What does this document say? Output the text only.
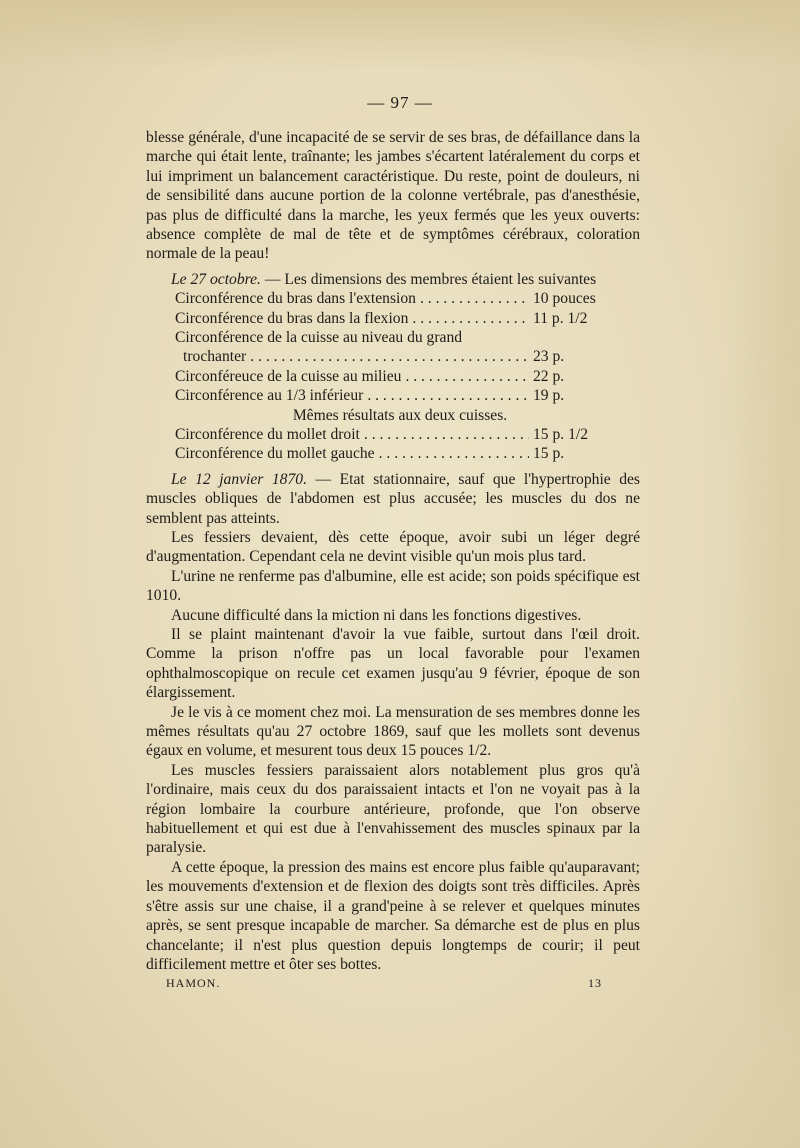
— 97 —

blesse générale, d'une incapacité de se servir de ses bras, de défaillance dans la marche qui était lente, traînante; les jambes s'écartent latéralement du corps et lui impriment un balancement caractéristique. Du reste, point de douleurs, ni de sensibilité dans aucune portion de la colonne vertébrale, pas d'anesthésie, pas plus de difficulté dans la marche, les yeux fermés que les yeux ouverts: absence complète de mal de tête et de symptômes cérébraux, coloration normale de la peau!

Le 27 octobre. — Les dimensions des membres étaient les suivantes

Circonférence du bras dans l'extension . . .	10 pouces
Circonférence du bras dans la flexion . . .	11 p. 1/2
Circonférence de la cuisse au niveau du grand
trochanter . . .	23 p.
Circonféreuce de la cuisse au milieu . . .	22 p.
Circonférence au 1/3 inférieur . . .	19 p.
Mêmes résultats aux deux cuisses.
Circonférence du mollet droit . . .	15 p. 1/2
Circonférence du mollet gauche . . .	15 p.

Le 12 janvier 1870. — Etat stationnaire, sauf que l'hypertrophie des muscles obliques de l'abdomen est plus accusée; les muscles du dos ne semblent pas atteints.

Les fessiers devaient, dès cette époque, avoir subi un léger degré d'augmentation. Cependant cela ne devint visible qu'un mois plus tard.

L'urine ne renferme pas d'albumine, elle est acide; son poids spécifique est 1010.

Aucune difficulté dans la miction ni dans les fonctions digestives.

Il se plaint maintenant d'avoir la vue faible, surtout dans l'œil droit. Comme la prison n'offre pas un local favorable pour l'examen ophthalmoscopique on recule cet examen jusqu'au 9 février, époque de son élargissement.

Je le vis à ce moment chez moi. La mensuration de ses membres donne les mêmes résultats qu'au 27 octobre 1869, sauf que les mollets sont devenus égaux en volume, et mesurent tous deux 15 pouces 1/2.

Les muscles fessiers paraissaient alors notablement plus gros qu'à l'ordinaire, mais ceux du dos paraissaient intacts et l'on ne voyait pas à la région lombaire la courbure antérieure, profonde, que l'on observe habituellement et qui est due à l'envahissement des muscles spinaux par la paralysie.

A cette époque, la pression des mains est encore plus faible qu'auparavant; les mouvements d'extension et de flexion des doigts sont très difficiles. Après s'être assis sur une chaise, il a grand'peine à se relever et quelques minutes après, se sent presque incapable de marcher. Sa démarche est de plus en plus chancelante; il n'est plus question depuis longtemps de courir; il peut difficilement mettre et ôter ses bottes.

HAMON.	13
